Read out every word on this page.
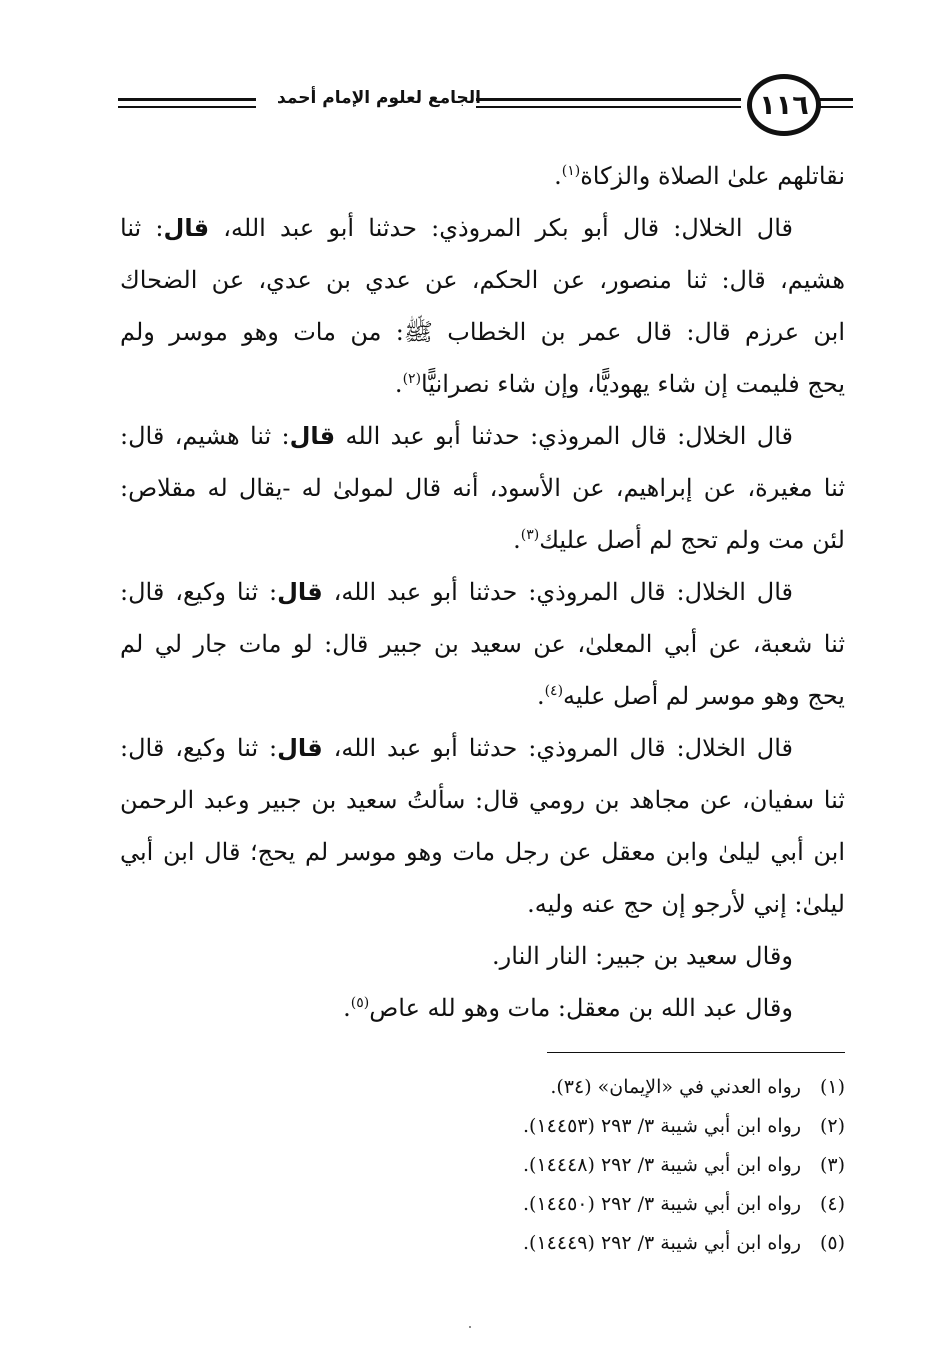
١١٦
الجامع لعلوم الإمام أحمد

نقاتلهم علىٰ الصلاة والزكاة$^{(١)}$.

قال الخلال: قال أبو بكر المروذي: حدثنا أبو عبد الله، قال: ثنا
هشيم، قال: ثنا منصور، عن الحكم، عن عدي بن عدي، عن الضحاك
ابن عرزم قال: قال عمر بن الخطاب ﷺ: من مات وهو موسر ولم
يحج فليمت إن شاء يهوديًّا، وإن شاء نصرانيًّا$^{(٢)}$.

قال الخلال: قال المروذي: حدثنا أبو عبد الله قال: ثنا هشيم، قال:
ثنا مغيرة، عن إبراهيم، عن الأسود، أنه قال لمولىٰ له -يقال له مقلاص:
لئن مت ولم تحج لم أصل عليك$^{(٣)}$.

قال الخلال: قال المروذي: حدثنا أبو عبد الله، قال: ثنا وكيع، قال:
ثنا شعبة، عن أبي المعلىٰ، عن سعيد بن جبير قال: لو مات جار لي لم
يحج وهو موسر لم أصل عليه$^{(٤)}$.

قال الخلال: قال المروذي: حدثنا أبو عبد الله، قال: ثنا وكيع، قال:
ثنا سفيان، عن مجاهد بن رومي قال: سألتُ سعيد بن جبير وعبد الرحمن
ابن أبي ليلىٰ وابن معقل عن رجل مات وهو موسر لم يحج؛ قال ابن أبي
ليلىٰ: إني لأرجو إن حج عنه وليه.

وقال سعيد بن جبير: النار النار.

وقال عبد الله بن معقل: مات وهو لله عاص$^{(٥)}$.

(١)رواه العدني في «الإيمان» (٣٤).
(٢)رواه ابن أبي شيبة ٣/ ٢٩٣ (١٤٤٥٣).
(٣)رواه ابن أبي شيبة ٣/ ٢٩٢ (١٤٤٤٨).
(٤)رواه ابن أبي شيبة ٣/ ٢٩٢ (١٤٤٥٠).
(٥)رواه ابن أبي شيبة ٣/ ٢٩٢ (١٤٤٤٩).
